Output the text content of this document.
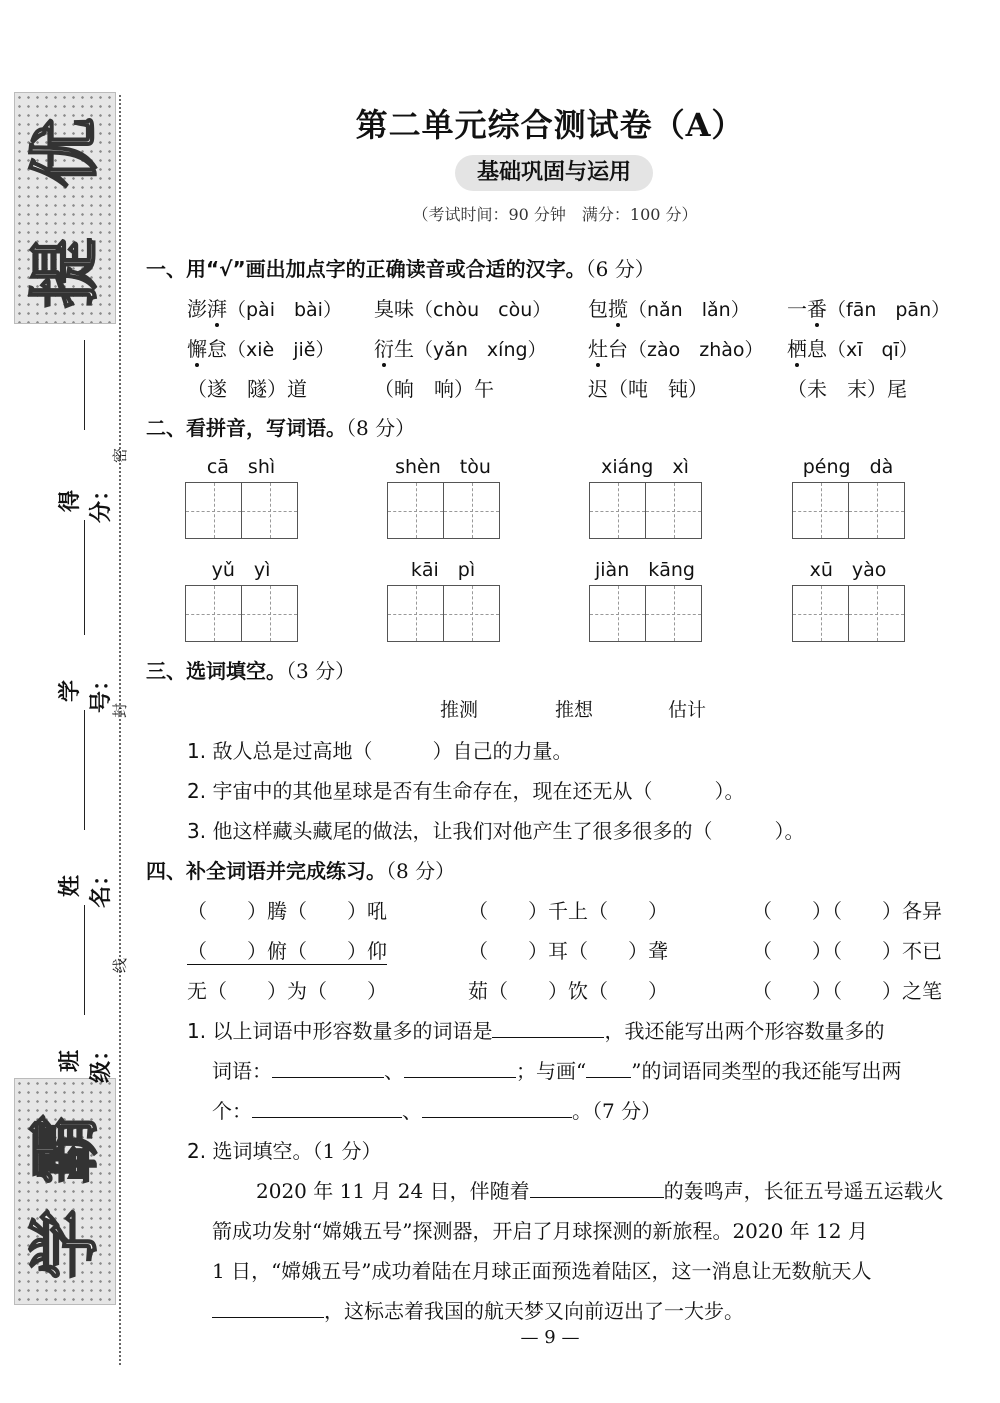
提
优
学
霸
得分：
学号：
姓名：
班级：
密
封
线
第二单元综合测试卷（A）
基础巩固与运用
（考试时间：90 分钟　满分：100 分）
一、用“√”画出加点字的正确读音或合适的汉字。（6 分）
澎湃（pài　bài） 臭味（chòu　còu） 包揽（nǎn　lǎn） 一番（fān　pān）
懈怠（xiè　jiě） 衍生（yǎn　xíng） 灶台（zào　zhào） 栖息（xī　qī）
（遂　隧）道	（晌　响）午	迟（吨　钝）	（未　末）尾
二、看拼音，写词语。（8 分）
cā　shì	shèn　tòu	xiáng　xì	péng　dà
yǔ　yì	kāi　pì	jiàn　kāng	xū　yào
三、选词填空。（3 分）
推测	推想	估计
1. 敌人总是过高地（	）自己的力量。
2. 宇宙中的其他星球是否有生命存在，现在还无从（	）。
3. 他这样藏头藏尾的做法，让我们对他产生了很多很多的（	）。
四、补全词语并完成练习。（8 分）
（　　）腾（　　）吼	（　　）千上（　　）	（　　）（　　）各异
（　　）俯（　　）仰	（　　）耳（　　）聋	（　　）（　　）不已
无（　　）为（　　）	茹（　　）饮（　　）	（　　）（　　）之笔
1. 以上词语中形容数量多的词语是	，我还能写出两个形容数量多的
词语：	、	；与画“ ”的词语同类型的我还能写出两
个：	、	。（7 分）
2. 选词填空。（1 分）
2020 年 11 月 24 日，伴随着	的轰鸣声，长征五号遥五运载火
箭成功发射“嫦娥五号”探测器，开启了月球探测的新旅程。2020 年 12 月
1 日，“嫦娥五号”成功着陆在月球正面预选着陆区，这一消息让无数航天人
，这标志着我国的航天梦又向前迈出了一大步。
— 9 —
